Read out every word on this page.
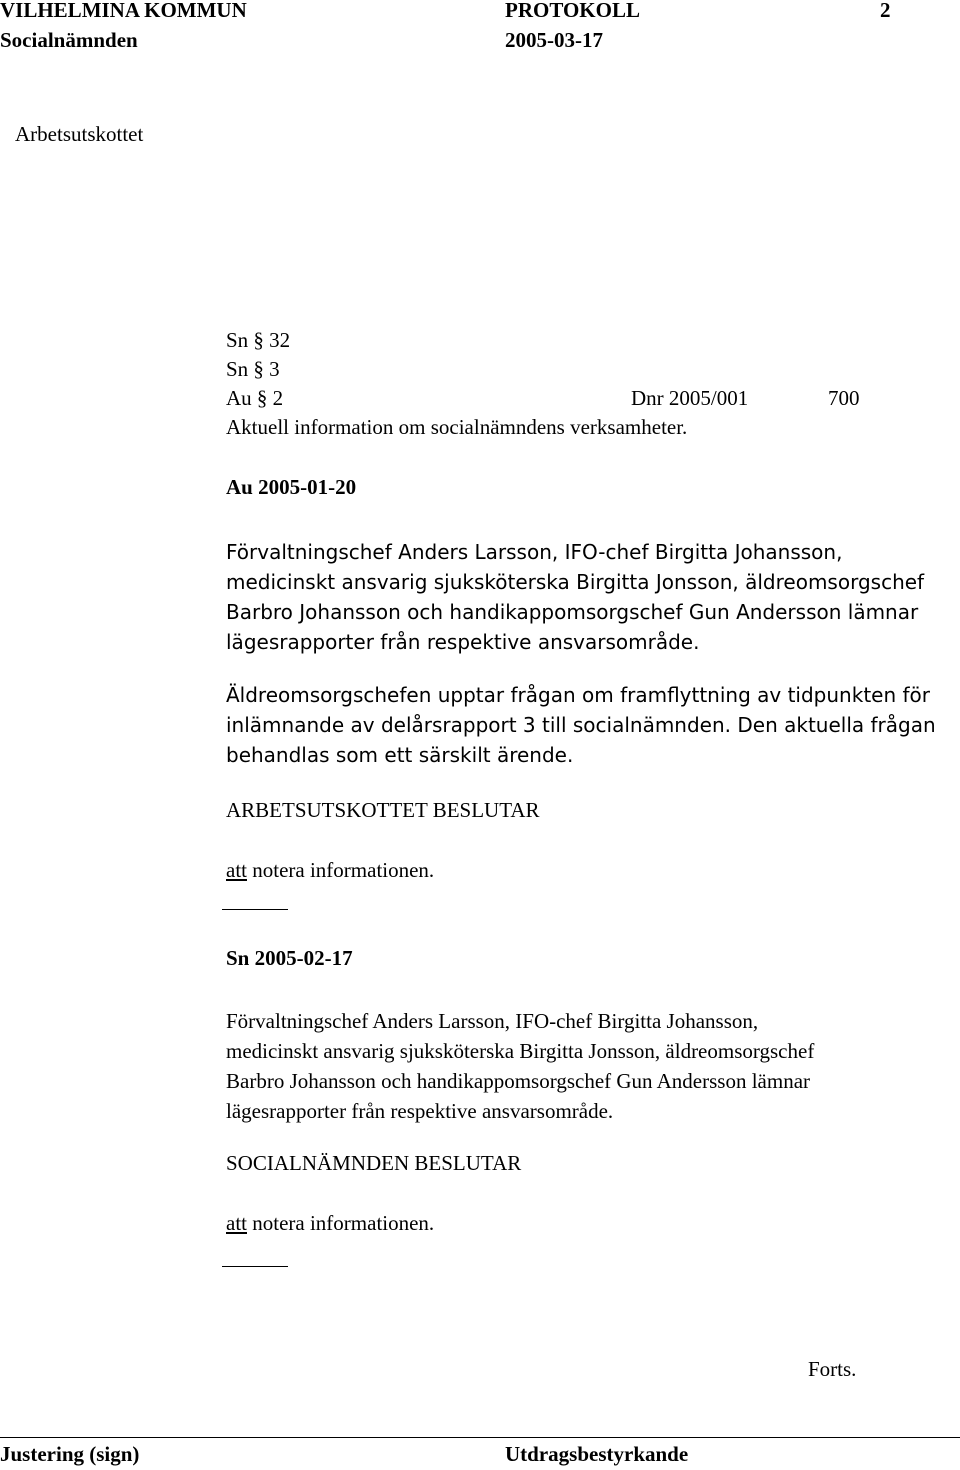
VILHELMINA KOMMUN	PROTOKOLL	2
Socialnämnden	2005-03-17
Arbetsutskottet
Sn § 32
Sn § 3
Au § 2	Dnr 2005/001	700
Aktuell information om socialnämndens verksamheter.
Au 2005-01-20
Förvaltningschef Anders Larsson, IFO-chef Birgitta Johansson,
medicinskt ansvarig sjuksköterska Birgitta Jonsson, äldreomsorgschef
Barbro Johansson och handikappomsorgschef Gun Andersson lämnar
lägesrapporter från respektive ansvarsområde.
Äldreomsorgschefen upptar frågan om framflyttning av tidpunkten för
inlämnande av delårsrapport 3 till socialnämnden. Den aktuella frågan
behandlas som ett särskilt ärende.
ARBETSUTSKOTTET BESLUTAR
att notera informationen.
Sn 2005-02-17
Förvaltningschef Anders Larsson, IFO-chef Birgitta Johansson,
medicinskt ansvarig sjuksköterska Birgitta Jonsson, äldreomsorgschef
Barbro Johansson och handikappomsorgschef Gun Andersson lämnar
lägesrapporter från respektive ansvarsområde.
SOCIALNÄMNDEN BESLUTAR
att notera informationen.
Forts.
Justering (sign)	Utdragsbestyrkande
